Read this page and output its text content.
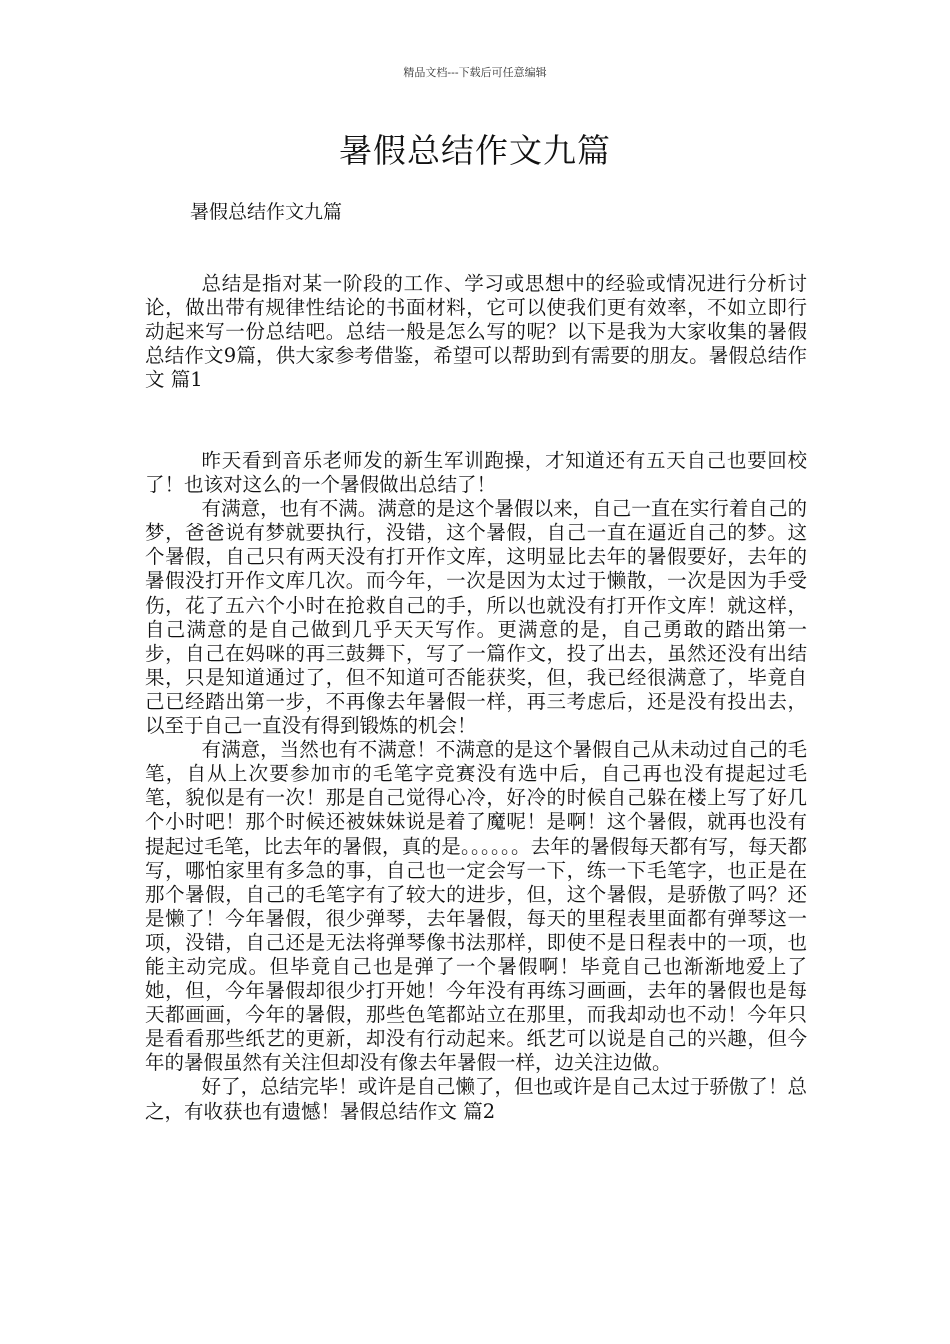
精品文档---下载后可任意编辑
暑假总结作文九篇
暑假总结作文九篇

总结是指对某一阶段的工作、学习或思想中的经验或情况进行分析讨论，做出带有规律性结论的书面材料，它可以使我们更有效率，不如立即行动起来写一份总结吧。总结一般是怎么写的呢？以下是我为大家收集的暑假总结作文9篇，供大家参考借鉴，希望可以帮助到有需要的朋友。暑假总结作文 篇1

昨天看到音乐老师发的新生军训跑操，才知道还有五天自己也要回校了！也该对这么的一个暑假做出总结了！

有满意，也有不满。满意的是这个暑假以来，自己一直在实行着自己的梦，爸爸说有梦就要执行，没错，这个暑假，自己一直在逼近自己的梦。这个暑假，自己只有两天没有打开作文库，这明显比去年的暑假要好，去年的暑假没打开作文库几次。而今年，一次是因为太过于懒散，一次是因为手受伤，花了五六个小时在抢救自己的手，所以也就没有打开作文库！就这样，自己满意的是自己做到几乎天天写作。更满意的是，自己勇敢的踏出第一步，自己在妈咪的再三鼓舞下，写了一篇作文，投了出去，虽然还没有出结果，只是知道通过了，但不知道可否能获奖，但，我已经很满意了，毕竟自己已经踏出第一步，不再像去年暑假一样，再三考虑后，还是没有投出去，以至于自己一直没有得到锻炼的机会！

有满意，当然也有不满意！不满意的是这个暑假自己从未动过自己的毛笔，自从上次要参加市的毛笔字竞赛没有选中后，自己再也没有提起过毛笔，貌似是有一次！那是自己觉得心冷，好冷的时候自己躲在楼上写了好几个小时吧！那个时候还被妹妹说是着了魔呢！是啊！这个暑假，就再也没有提起过毛笔，比去年的暑假，真的是。。。。。。去年的暑假每天都有写，每天都写，哪怕家里有多急的事，自己也一定会写一下，练一下毛笔字，也正是在那个暑假，自己的毛笔字有了较大的进步，但，这个暑假，是骄傲了吗？还是懒了！今年暑假，很少弹琴，去年暑假，每天的里程表里面都有弹琴这一项，没错，自己还是无法将弹琴像书法那样，即使不是日程表中的一项，也能主动完成。但毕竟自己也是弹了一个暑假啊！毕竟自己也渐渐地爱上了她，但，今年暑假却很少打开她！今年没有再练习画画，去年的暑假也是每天都画画，今年的暑假，那些色笔都站立在那里，而我却动也不动！今年只是看看那些纸艺的更新，却没有行动起来。纸艺可以说是自己的兴趣，但今年的暑假虽然有关注但却没有像去年暑假一样，边关注边做。

好了，总结完毕！或许是自己懒了，但也或许是自己太过于骄傲了！总之，有收获也有遗憾！暑假总结作文 篇2
